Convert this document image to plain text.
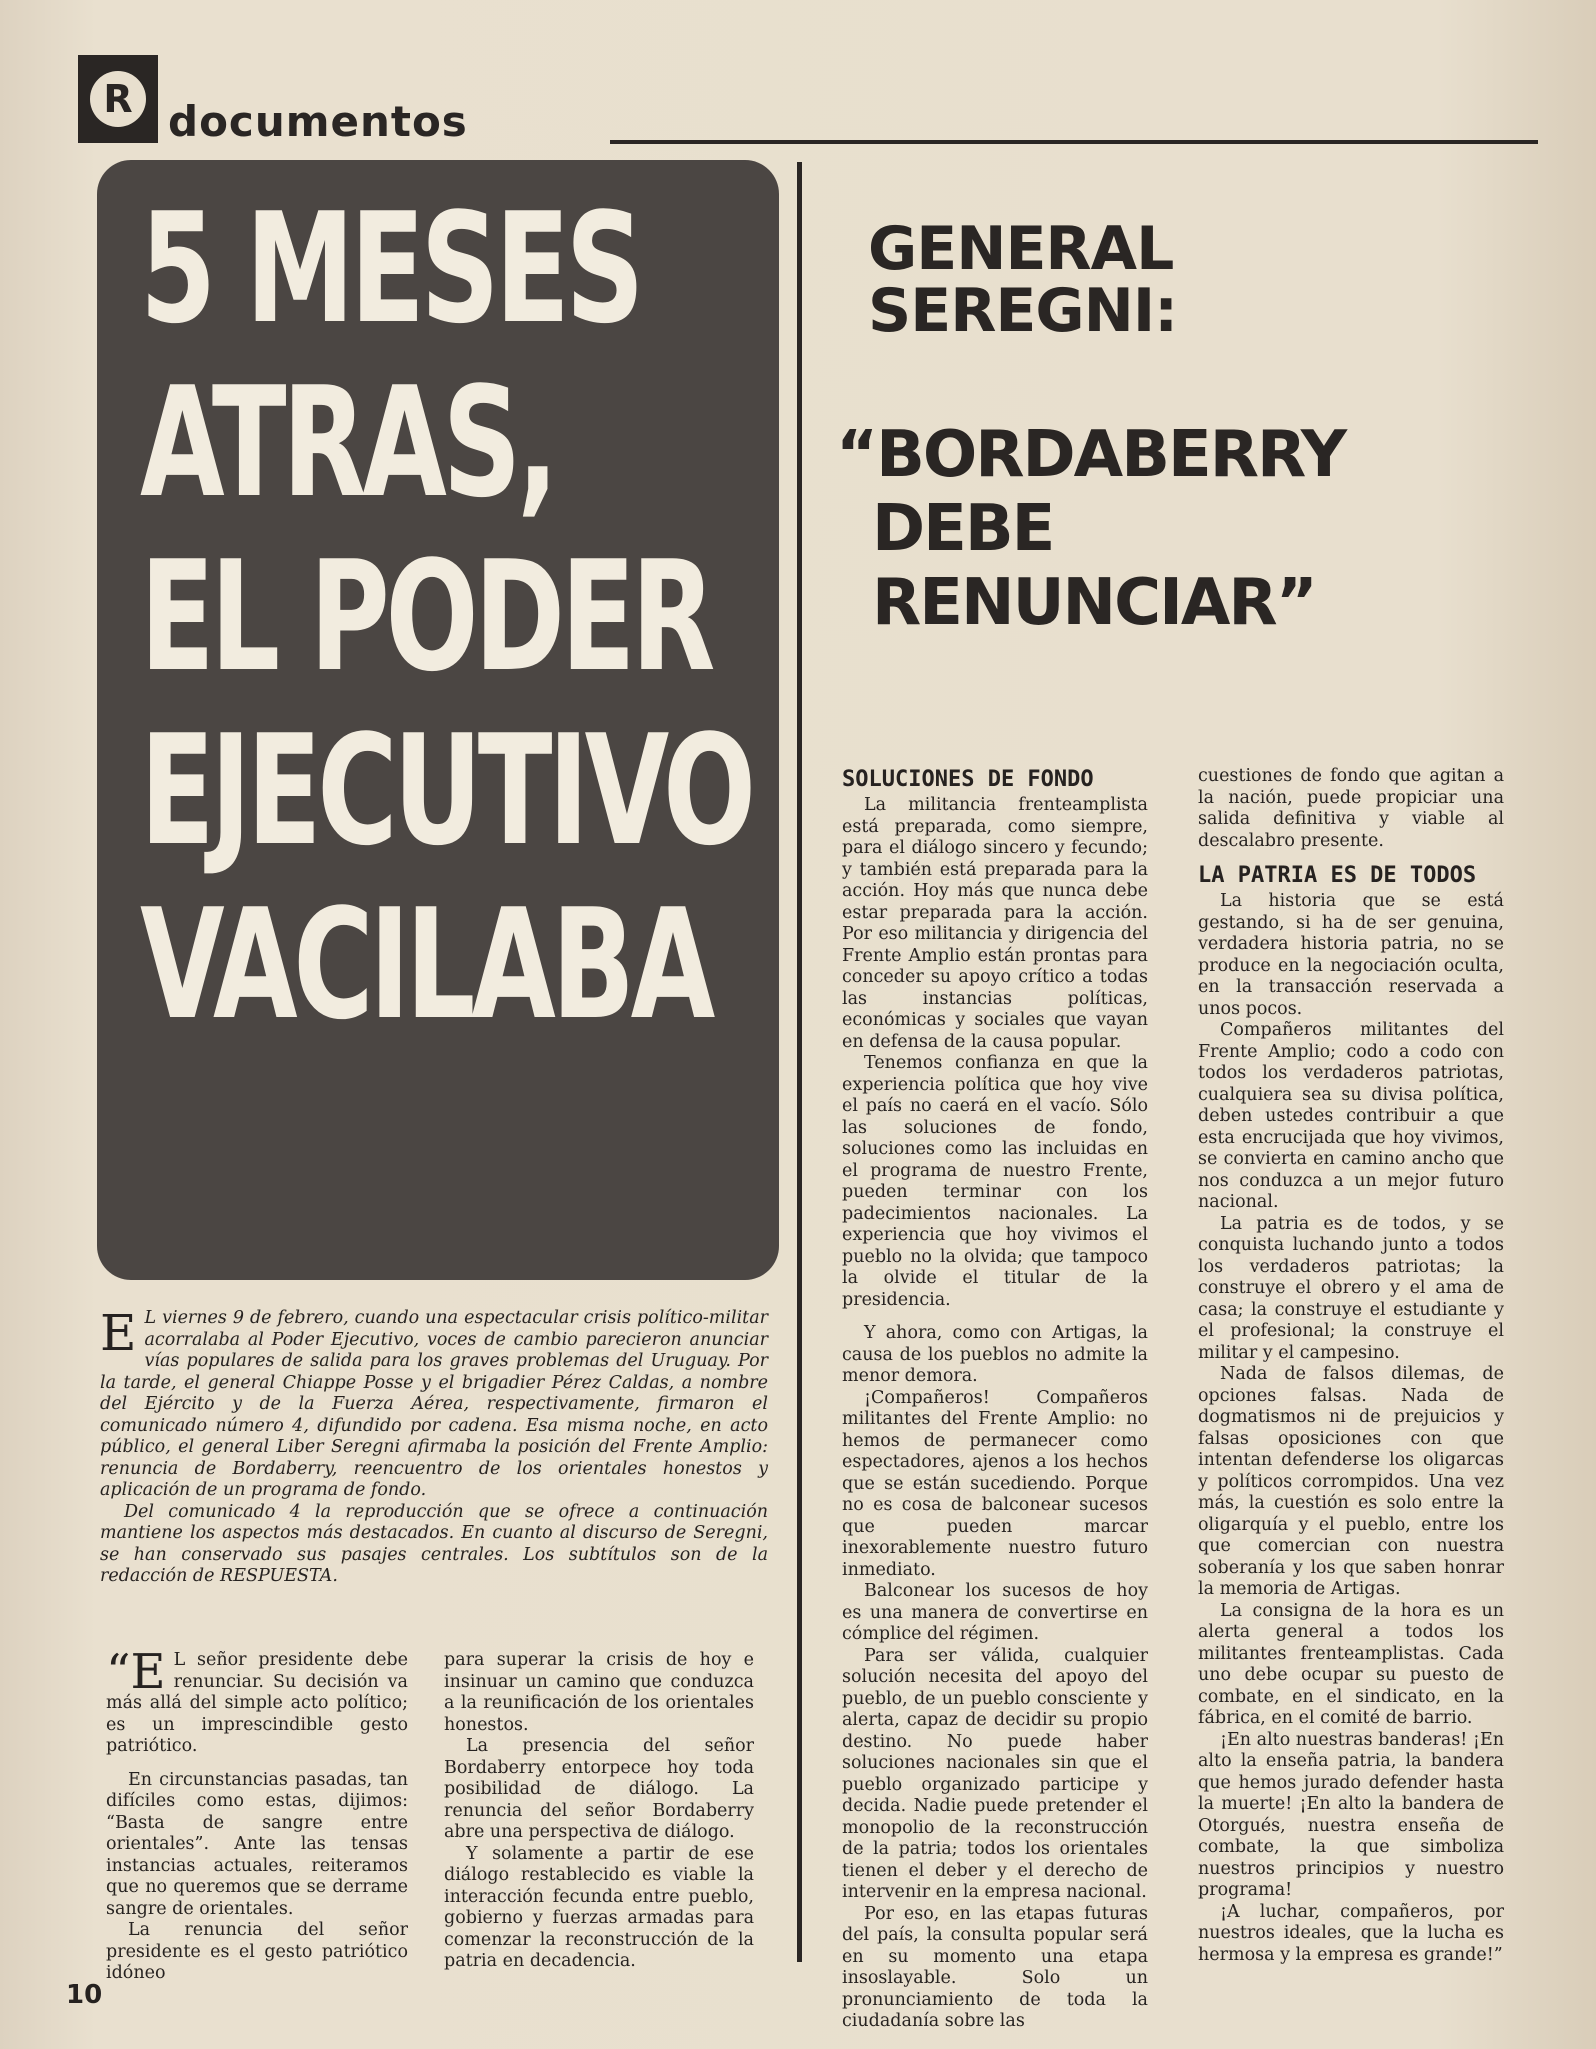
R documentos
5 MESES
ATRAS,
EL PODER
EJECUTIVO
VACILABA

E L viernes 9 de febrero, cuando una espectacular crisis político-militar acorralaba al Poder Ejecutivo, voces de cambio parecieron anunciar vías populares de salida para los graves problemas del Uruguay. Por la tarde, el general Chiappe Posse y el brigadier Pérez Caldas, a nombre del Ejército y de la Fuerza Aérea, respectivamente, firmaron el comunicado número 4, difundido por cadena. Esa misma noche, en acto público, el general Liber Seregni afirmaba la posición del Frente Amplio: renuncia de Bordaberry, reencuentro de los orientales honestos y aplicación de un programa de fondo.

Del comunicado 4 la reproducción que se ofrece a continuación mantiene los aspectos más destacados. En cuanto al discurso de Seregni, se han conservado sus pasajes centrales. Los subtítulos son de la redacción de RESPUESTA.

GENERAL
SEREGNI:
“BORDABERRY
DEBE
RENUNCIAR”

“E L señor presidente debe renunciar. Su decisión va más allá del simple acto político; es un imprescindible gesto patriótico.

En circunstancias pasadas, tan difíciles como estas, dijimos: “Basta de sangre entre orientales”. Ante las tensas instancias actuales, reiteramos que no queremos que se derrame sangre de orientales.

La renuncia del señor presidente es el gesto patriótico idóneo

para superar la crisis de hoy e insinuar un camino que conduzca a la reunificación de los orientales honestos.

La presencia del señor Bordaberry entorpece hoy toda posibilidad de diálogo. La renuncia del señor Bordaberry abre una perspectiva de diálogo.

Y solamente a partir de ese diálogo restablecido es viable la interacción fecunda entre pueblo, gobierno y fuerzas armadas para comenzar la reconstrucción de la patria en decadencia.

SOLUCIONES DE FONDO

La militancia frenteamplista está preparada, como siempre, para el diálogo sincero y fecundo; y también está preparada para la acción. Hoy más que nunca debe estar preparada para la acción. Por eso militancia y dirigencia del Frente Amplio están prontas para conceder su apoyo crítico a todas las instancias políticas, económicas y sociales que vayan en defensa de la causa popular.

Tenemos confianza en que la experiencia política que hoy vive el país no caerá en el vacío. Sólo las soluciones de fondo, soluciones como las incluidas en el programa de nuestro Frente, pueden terminar con los padecimientos nacionales. La experiencia que hoy vivimos el pueblo no la olvida; que tampoco la olvide el titular de la presidencia.

Y ahora, como con Artigas, la causa de los pueblos no admite la menor demora.

¡Compañeros! Compañeros militantes del Frente Amplio: no hemos de permanecer como espectadores, ajenos a los hechos que se están sucediendo. Porque no es cosa de balconear sucesos que pueden marcar inexorablemente nuestro futuro inmediato.

Balconear los sucesos de hoy es una manera de convertirse en cómplice del régimen.

Para ser válida, cualquier solución necesita del apoyo del pueblo, de un pueblo consciente y alerta, capaz de decidir su propio destino. No puede haber soluciones nacionales sin que el pueblo organizado participe y decida. Nadie puede pretender el monopolio de la reconstrucción de la patria; todos los orientales tienen el deber y el derecho de intervenir en la empresa nacional.

Por eso, en las etapas futuras del país, la consulta popular será en su momento una etapa insoslayable. Solo un pronunciamiento de toda la ciudadanía sobre las

cuestiones de fondo que agitan a la nación, puede propiciar una salida definitiva y viable al descalabro presente.

LA PATRIA ES DE TODOS

La historia que se está gestando, si ha de ser genuina, verdadera historia patria, no se produce en la negociación oculta, en la transacción reservada a unos pocos.

Compañeros militantes del Frente Amplio; codo a codo con todos los verdaderos patriotas, cualquiera sea su divisa política, deben ustedes contribuir a que esta encrucijada que hoy vivimos, se convierta en camino ancho que nos conduzca a un mejor futuro nacional.

La patria es de todos, y se conquista luchando junto a todos los verdaderos patriotas; la construye el obrero y el ama de casa; la construye el estudiante y el profesional; la construye el militar y el campesino.

Nada de falsos dilemas, de opciones falsas. Nada de dogmatismos ni de prejuicios y falsas oposiciones con que intentan defenderse los oligarcas y políticos corrompidos. Una vez más, la cuestión es solo entre la oligarquía y el pueblo, entre los que comercian con nuestra soberanía y los que saben honrar la memoria de Artigas.

La consigna de la hora es un alerta general a todos los militantes frenteamplistas. Cada uno debe ocupar su puesto de combate, en el sindicato, en la fábrica, en el comité de barrio.

¡En alto nuestras banderas! ¡En alto la enseña patria, la bandera que hemos jurado defender hasta la muerte! ¡En alto la bandera de Otorgués, nuestra enseña de combate, la que simboliza nuestros principios y nuestro programa!

¡A luchar, compañeros, por nuestros ideales, que la lucha es hermosa y la empresa es grande!”

10
